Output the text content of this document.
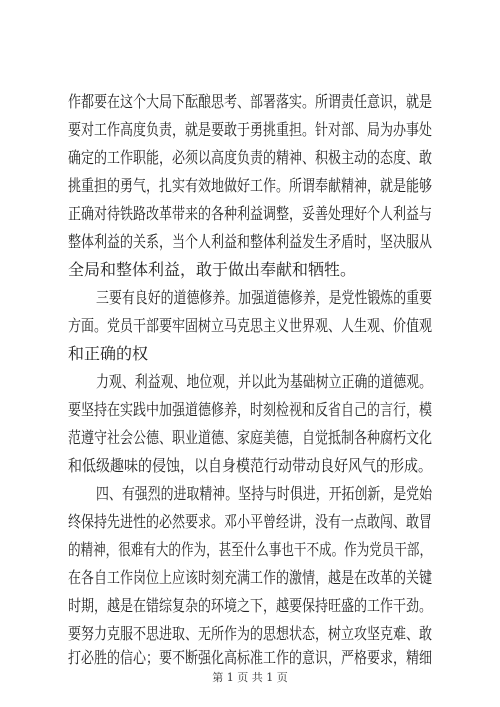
作都要在这个大局下酝酿思考、部署落实。所谓责任意识，就是
要对工作高度负责，就是要敢于勇挑重担。针对部、局为办事处
确定的工作职能，必须以高度负责的精神、积极主动的态度、敢
挑重担的勇气，扎实有效地做好工作。所谓奉献精神，就是能够
正确对待铁路改革带来的各种利益调整，妥善处理好个人利益与
整体利益的关系，当个人利益和整体利益发生矛盾时，坚决服从
全局和整体利益，敢于做出奉献和牺牲。
三要有良好的道德修养。加强道德修养，是党性锻炼的重要
方面。党员干部要牢固树立马克思主义世界观、人生观、价值观
和正确的权
力观、利益观、地位观，并以此为基础树立正确的道德观。
要坚持在实践中加强道德修养，时刻检视和反省自己的言行，模
范遵守社会公德、职业道德、家庭美德，自觉抵制各种腐朽文化
和低级趣味的侵蚀，以自身模范行动带动良好风气的形成。
四、有强烈的进取精神。坚持与时俱进，开拓创新，是党始
终保持先进性的必然要求。邓小平曾经讲，没有一点敢闯、敢冒
的精神，很难有大的作为，甚至什么事也干不成。作为党员干部，
在各自工作岗位上应该时刻充满工作的激情，越是在改革的关键
时期，越是在错综复杂的环境之下，越要保持旺盛的工作干劲。
要努力克服不思进取、无所作为的思想状态，树立攻坚克难、敢
打必胜的信心；要不断强化高标准工作的意识，严格要求，精细
第 1 页 共 1 页
